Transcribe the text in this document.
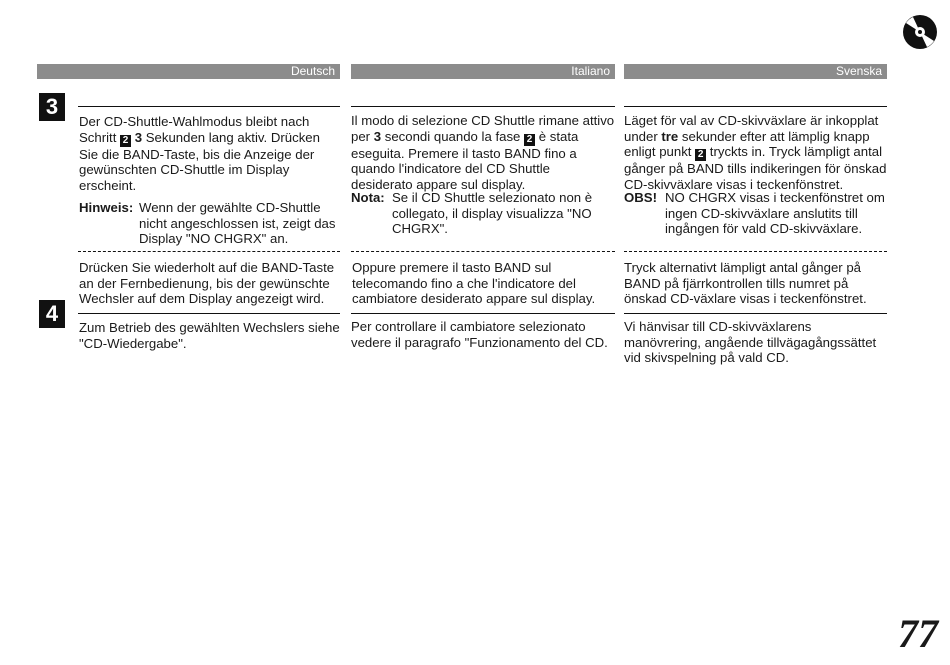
Deutsch	Italiano	Svenska
3
4

Der CD-Shuttle-Wahlmodus bleibt nach Schritt 2 3 Sekunden lang aktiv. Drücken Sie die BAND-Taste, bis die Anzeige der gewünschten CD-Shuttle im Display erscheint.

Hinweis: Wenn der gewählte CD-Shuttle nicht angeschlossen ist, zeigt das Display "NO CHGRX" an.

Drücken Sie wiederholt auf die BAND-Taste an der Fernbedienung, bis der gewünschte Wechsler auf dem Display angezeigt wird.

Zum Betrieb des gewählten Wechslers siehe "CD-Wiedergabe".

Il modo di selezione CD Shuttle rimane attivo per 3 secondi quando la fase 2 è stata eseguita. Premere il tasto BAND fino a quando l'indicatore del CD Shuttle desiderato appare sul display.

Nota: Se il CD Shuttle selezionato non è collegato, il display visualizza "NO CHGRX".

Oppure premere il tasto BAND sul telecomando fino a che l'indicatore del cambiatore desiderato appare sul display.

Per controllare il cambiatore selezionato vedere il paragrafo "Funzionamento del CD.

Läget för val av CD-skivväxlare är inkopplat under tre sekunder efter att lämplig knapp enligt punkt 2 tryckts in. Tryck lämpligt antal gånger på BAND tills indikeringen för önskad CD-skivväxlare visas i teckenfönstret.

OBS! NO CHGRX visas i teckenfönstret om ingen CD-skivväxlare anslutits till ingången för vald CD-skivväxlare.

Tryck alternativt lämpligt antal gånger på BAND på fjärrkontrollen tills numret på önskad CD-växlare visas i teckenfönstret.

Vi hänvisar till CD-skivväxlarens manövrering, angående tillvägagångssättet vid skivspelning på vald CD.

77
